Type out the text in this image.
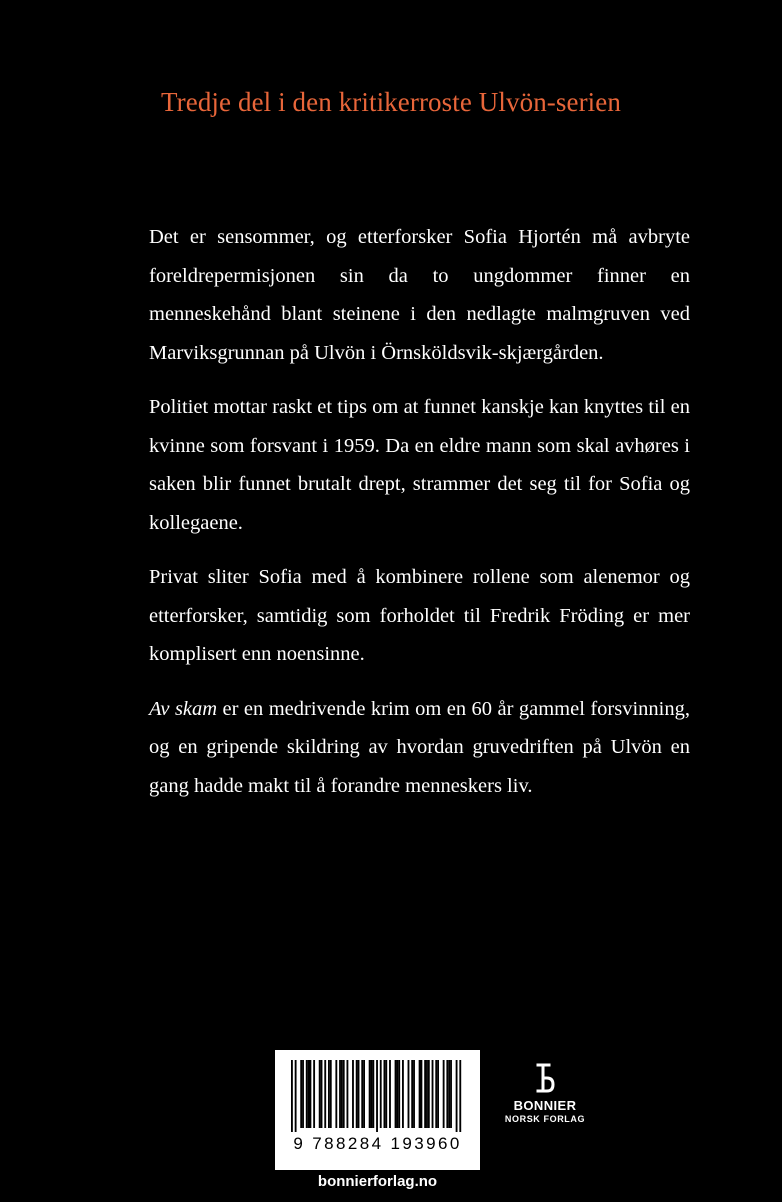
Tredje del i den kritikerroste Ulvön-serien

Det er sensommer, og etterforsker Sofia Hjortén må avbryte foreldrepermisjonen sin da to ungdommer finner en menneskehånd blant steinene i den nedlagte malmgruven ved Marviksgrunnan på Ulvön i Örnsköldsvik-skjærgården.

Politiet mottar raskt et tips om at funnet kanskje kan knyttes til en kvinne som forsvant i 1959. Da en eldre mann som skal avhøres i saken blir funnet brutalt drept, strammer det seg til for Sofia og kollegaene.

Privat sliter Sofia med å kombinere rollene som alenemor og etterforsker, samtidig som forholdet til Fredrik Fröding er mer komplisert enn noensinne.

Av skam er en medrivende krim om en 60 år gammel forsvinning, og en gripende skildring av hvordan gruvedriften på Ulvön en gang hadde makt til å forandre menneskers liv.

9 788284 193960
bonnierforlag.no
BONNIER
NORSK FORLAG
